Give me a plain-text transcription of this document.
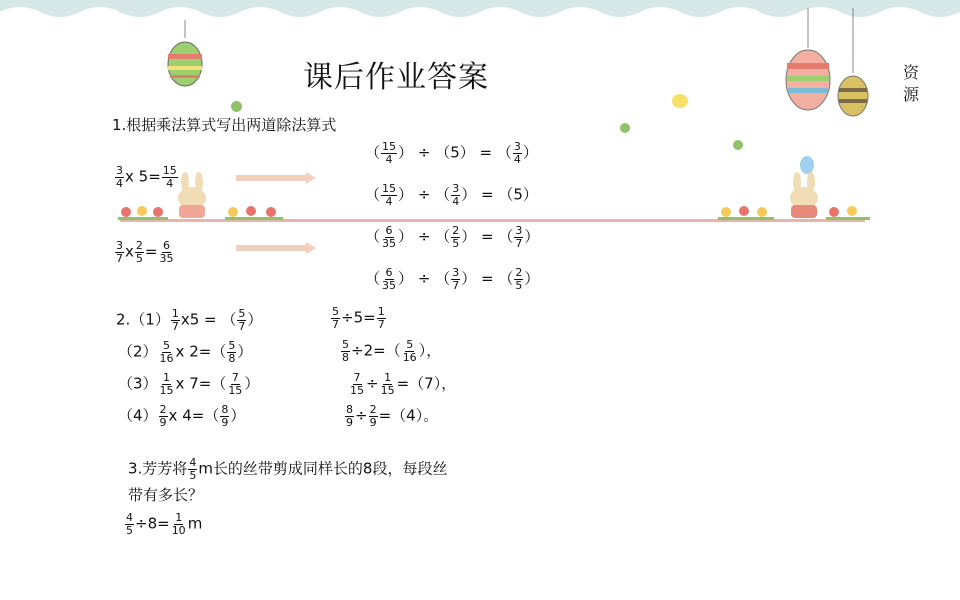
课后作业答案	资源
1.根据乘法算式写出两道除法算式
$\frac{3}{4}$ x $5= \frac{15}{4}$
$\frac{3}{7}$ x $\frac{2}{5} = \frac{6}{35}$
（ $\frac{15}{4}$ ） ÷ （5） = （ $\frac{3}{4}$ ）
（ $\frac{15}{4}$ ） ÷ （ $\frac{3}{4}$ ） = （5）
（ $\frac{6}{35}$ ） ÷ （ $\frac{2}{5}$ ） = （ $\frac{3}{7}$ ）
（ $\frac{6}{35}$ ） ÷ （ $\frac{3}{7}$ ） = （ $\frac{2}{5}$ ）
$2.(1) \frac{1}{7} x5$ = （ $\frac{5}{7}$ ）
$(2) \frac{5}{16}$ x $2=( \frac{5}{8}$ ）
$(3) \frac{1}{15}$ x $7=( \frac{7}{15}$ ）
$(4) \frac{2}{9}$ x $4=( \frac{8}{9}$ ）
$\frac{5}{7} \div 5= \frac{1}{7}$
$\frac{5}{8} \div 2=( \frac{5}{16}$ ），
$\frac{7}{15} \div \frac{1}{15} =(7)$，
$\frac{8}{9} \div \frac{2}{9} =(4)$。
3.芳芳将 $\frac{4}{5}$ m长的丝带剪成同样长的8段，每段丝
带有多长？
$\frac{4}{5} \div 8= \frac{1}{10}$ m
